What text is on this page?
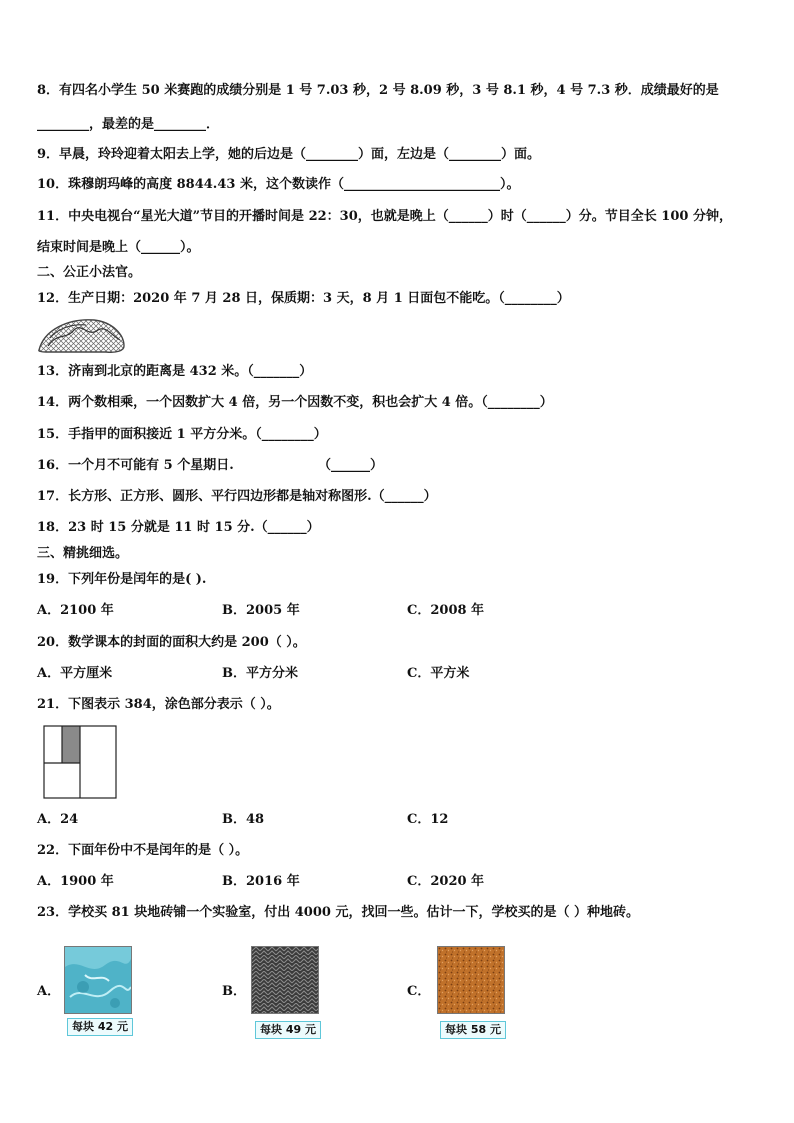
8．有四名小学生 50 米赛跑的成绩分别是 1 号 7.03 秒，2 号 8.09 秒，3 号 8.1 秒，4 号 7.3 秒．成绩最好的是
________，最差的是________．
9．早晨，玲玲迎着太阳去上学，她的后边是（________）面，左边是（________）面。
10．珠穆朗玛峰的高度 8844.43 米，这个数读作（________________________）。
11．中央电视台“星光大道”节目的开播时间是 22：30，也就是晚上（______）时（______）分。节目全长 100 分钟，
结束时间是晚上（______）。
二、公正小法官。
12．生产日期：2020 年 7 月 28 日，保质期：3 天，8 月 1 日面包不能吃。（________）
13．济南到北京的距离是 432 米。（_______）
14．两个数相乘，一个因数扩大 4 倍，另一个因数不变，积也会扩大 4 倍。（________）
15．手指甲的面积接近 1 平方分米。（________）
16．一个月不可能有 5 个星期日.	（______）
17．长方形、正方形、圆形、平行四边形都是轴对称图形.（______）
18．23 时 15 分就是 11 时 15 分.（______）
三、精挑细选。
19．下列年份是闰年的是( ).
A．2100 年	B．2005 年	C．2008 年
20．数学课本的封面的面积大约是 200（ ）。
A．平方厘米	B．平方分米	C．平方米
21．下图表示 384，涂色部分表示（ ）。
A．24	B．48	C．12
22．下面年份中不是闰年的是（ ）。
A．1900 年	B．2016 年	C．2020 年
23．学校买 81 块地砖铺一个实验室，付出 4000 元，找回一些。估计一下，学校买的是（ ）种地砖。
A．
每块 42 元
B．
每块 49 元
C．
每块 58 元
